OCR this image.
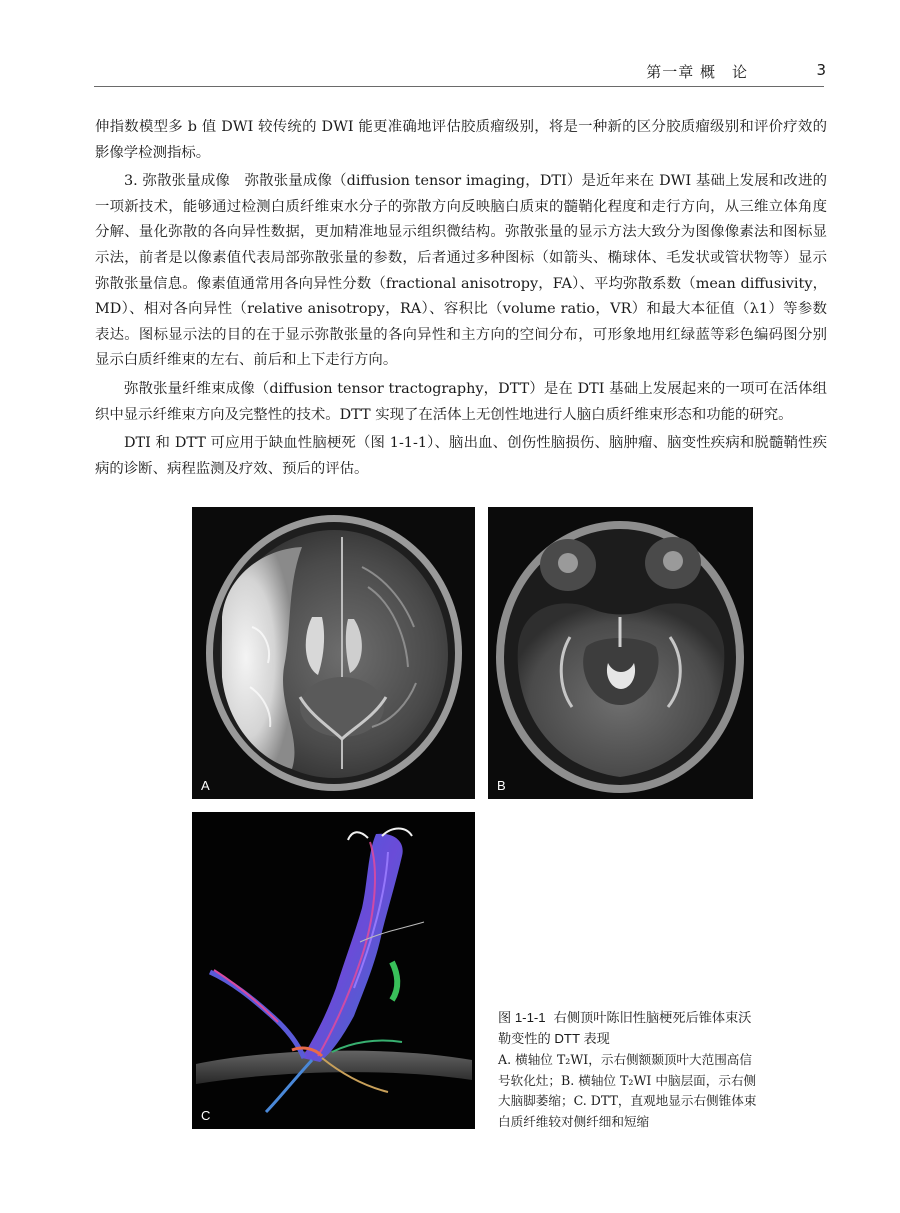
第一章 概　论	3

伸指数模型多 b 值 DWI 较传统的 DWI 能更准确地评估胶质瘤级别，将是一种新的区分胶质瘤级别和评价疗效的影像学检测指标。

3. 弥散张量成像　弥散张量成像（diffusion tensor imaging，DTI）是近年来在 DWI 基础上发展和改进的一项新技术，能够通过检测白质纤维束水分子的弥散方向反映脑白质束的髓鞘化程度和走行方向，从三维立体角度分解、量化弥散的各向异性数据，更加精准地显示组织微结构。弥散张量的显示方法大致分为图像像素法和图标显示法，前者是以像素值代表局部弥散张量的参数，后者通过多种图标（如箭头、椭球体、毛发状或管状物等）显示弥散张量信息。像素值通常用各向异性分数（fractional anisotropy，FA）、平均弥散系数（mean diffusivity，MD）、相对各向异性（relative anisotropy，RA）、容积比（volume ratio，VR）和最大本征值（λ1）等参数表达。图标显示法的目的在于显示弥散张量的各向异性和主方向的空间分布，可形象地用红绿蓝等彩色编码图分别显示白质纤维束的左右、前后和上下走行方向。

弥散张量纤维束成像（diffusion tensor tractography，DTT）是在 DTI 基础上发展起来的一项可在活体组织中显示纤维束方向及完整性的技术。DTT 实现了在活体上无创性地进行人脑白质纤维束形态和功能的研究。

DTI 和 DTT 可应用于缺血性脑梗死（图 1-1-1）、脑出血、创伤性脑损伤、脑肿瘤、脑变性疾病和脱髓鞘性疾病的诊断、病程监测及疗效、预后的评估。

A	B
C
图 1-1-1 右侧顶叶陈旧性脑梗死后锥体束沃勒变性的 DTT 表现
A. 横轴位 T₂WI，示右侧额颞顶叶大范围高信号软化灶；B. 横轴位 T₂WI 中脑层面，示右侧大脑脚萎缩；C. DTT，直观地显示右侧锥体束白质纤维较对侧纤细和短缩
